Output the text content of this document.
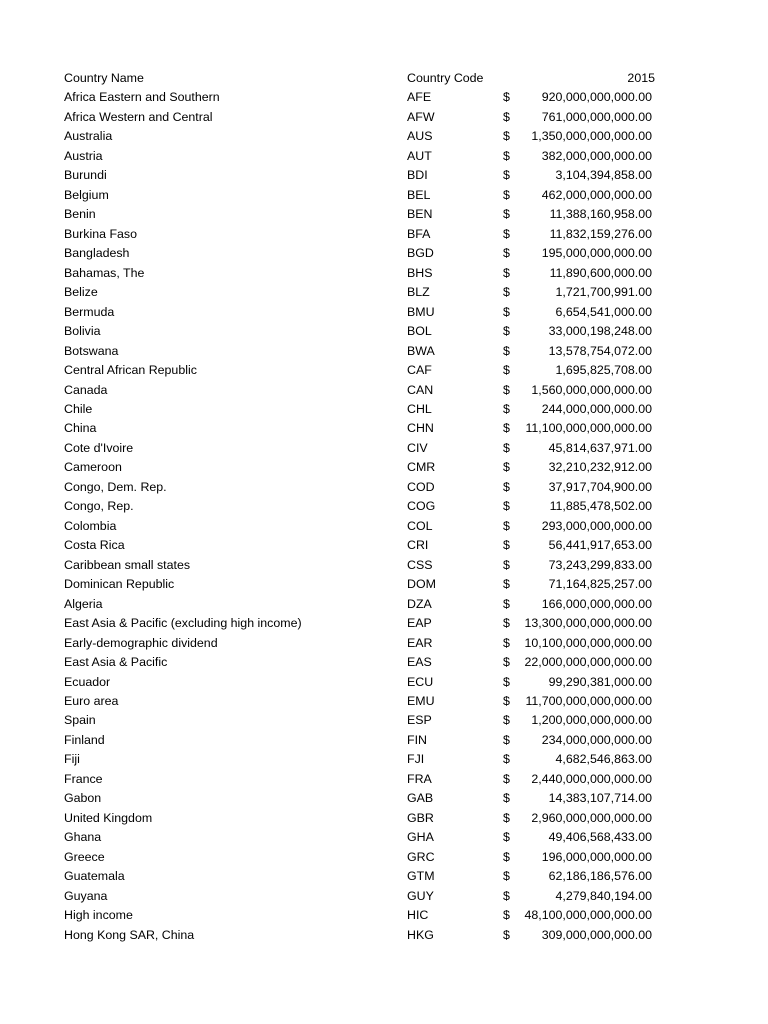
Country Name	Country Code	2015
Africa Eastern and Southern	AFE	$	920,000,000,000.00
Africa Western and Central	AFW	$	761,000,000,000.00
Australia	AUS	$ 1,350,000,000,000.00
Austria	AUT	$	382,000,000,000.00
Burundi	BDI	$	3,104,394,858.00
Belgium	BEL	$	462,000,000,000.00
Benin	BEN	$	11,388,160,958.00
Burkina Faso	BFA	$	11,832,159,276.00
Bangladesh	BGD	$	195,000,000,000.00
Bahamas, The	BHS	$	11,890,600,000.00
Belize	BLZ	$	1,721,700,991.00
Bermuda	BMU	$	6,654,541,000.00
Bolivia	BOL	$	33,000,198,248.00
Botswana	BWA	$	13,578,754,072.00
Central African Republic	CAF	$	1,695,825,708.00
Canada	CAN	$ 1,560,000,000,000.00
Chile	CHL	$	244,000,000,000.00
China	CHN	$ 11,100,000,000,000.00
Cote d'Ivoire	CIV	$	45,814,637,971.00
Cameroon	CMR	$	32,210,232,912.00
Congo, Dem. Rep.	COD	$	37,917,704,900.00
Congo, Rep.	COG	$	11,885,478,502.00
Colombia	COL	$	293,000,000,000.00
Costa Rica	CRI	$	56,441,917,653.00
Caribbean small states	CSS	$	73,243,299,833.00
Dominican Republic	DOM	$	71,164,825,257.00
Algeria	DZA	$	166,000,000,000.00
East Asia & Pacific (excluding high income)	EAP	$ 13,300,000,000,000.00
Early-demographic dividend	EAR	$ 10,100,000,000,000.00
East Asia & Pacific	EAS	$ 22,000,000,000,000.00
Ecuador	ECU	$	99,290,381,000.00
Euro area	EMU	$ 11,700,000,000,000.00
Spain	ESP	$ 1,200,000,000,000.00
Finland	FIN	$	234,000,000,000.00
Fiji	FJI	$	4,682,546,863.00
France	FRA	$ 2,440,000,000,000.00
Gabon	GAB	$	14,383,107,714.00
United Kingdom	GBR	$ 2,960,000,000,000.00
Ghana	GHA	$	49,406,568,433.00
Greece	GRC	$	196,000,000,000.00
Guatemala	GTM	$	62,186,186,576.00
Guyana	GUY	$	4,279,840,194.00
High income	HIC	$ 48,100,000,000,000.00
Hong Kong SAR, China	HKG	$	309,000,000,000.00
